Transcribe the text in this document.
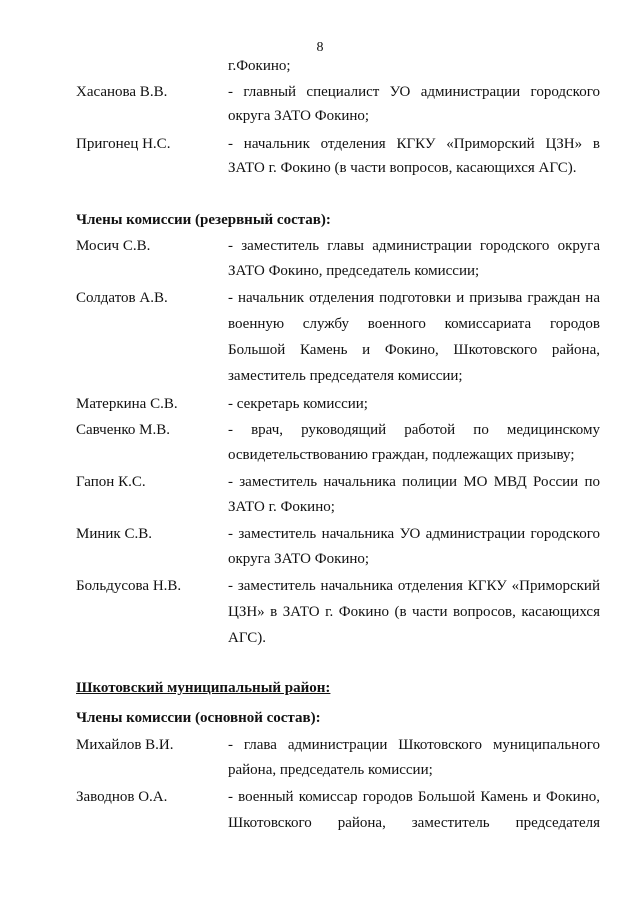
8
г.Фокино;
Хасанова В.В.	- главный специалист УО администрации городского
округа ЗАТО Фокино;
Пригонец Н.С.	- начальник отделения КГКУ «Приморский ЦЗН» в
ЗАТО г. Фокино (в части вопросов, касающихся АГС).
Члены комиссии (резервный состав):
Мосич С.В.	- заместитель главы администрации городского округа
ЗАТО Фокино, председатель комиссии;
Солдатов А.В.	- начальник отделения подготовки и призыва граждан на
военную службу военного комиссариата городов
Большой Камень и Фокино, Шкотовского района,
заместитель председателя комиссии;
Матеркина С.В.	- секретарь комиссии;
Савченко М.В.	- врач, руководящий работой по медицинскому
освидетельствованию граждан, подлежащих призыву;
Гапон К.С.	- заместитель начальника полиции МО МВД России по
ЗАТО г. Фокино;
Миник С.В.	- заместитель начальника УО администрации городского
округа ЗАТО Фокино;
Больдусова Н.В.	- заместитель начальника отделения КГКУ «Приморский
ЦЗН» в ЗАТО г. Фокино (в части вопросов, касающихся
АГС).
Шкотовский муниципальный район:
Члены комиссии (основной состав):
Михайлов В.И.	- глава администрации Шкотовского муниципального
района, председатель комиссии;
Заводнов О.А.	- военный комиссар городов Большой Камень и Фокино,
Шкотовского района, заместитель председателя
